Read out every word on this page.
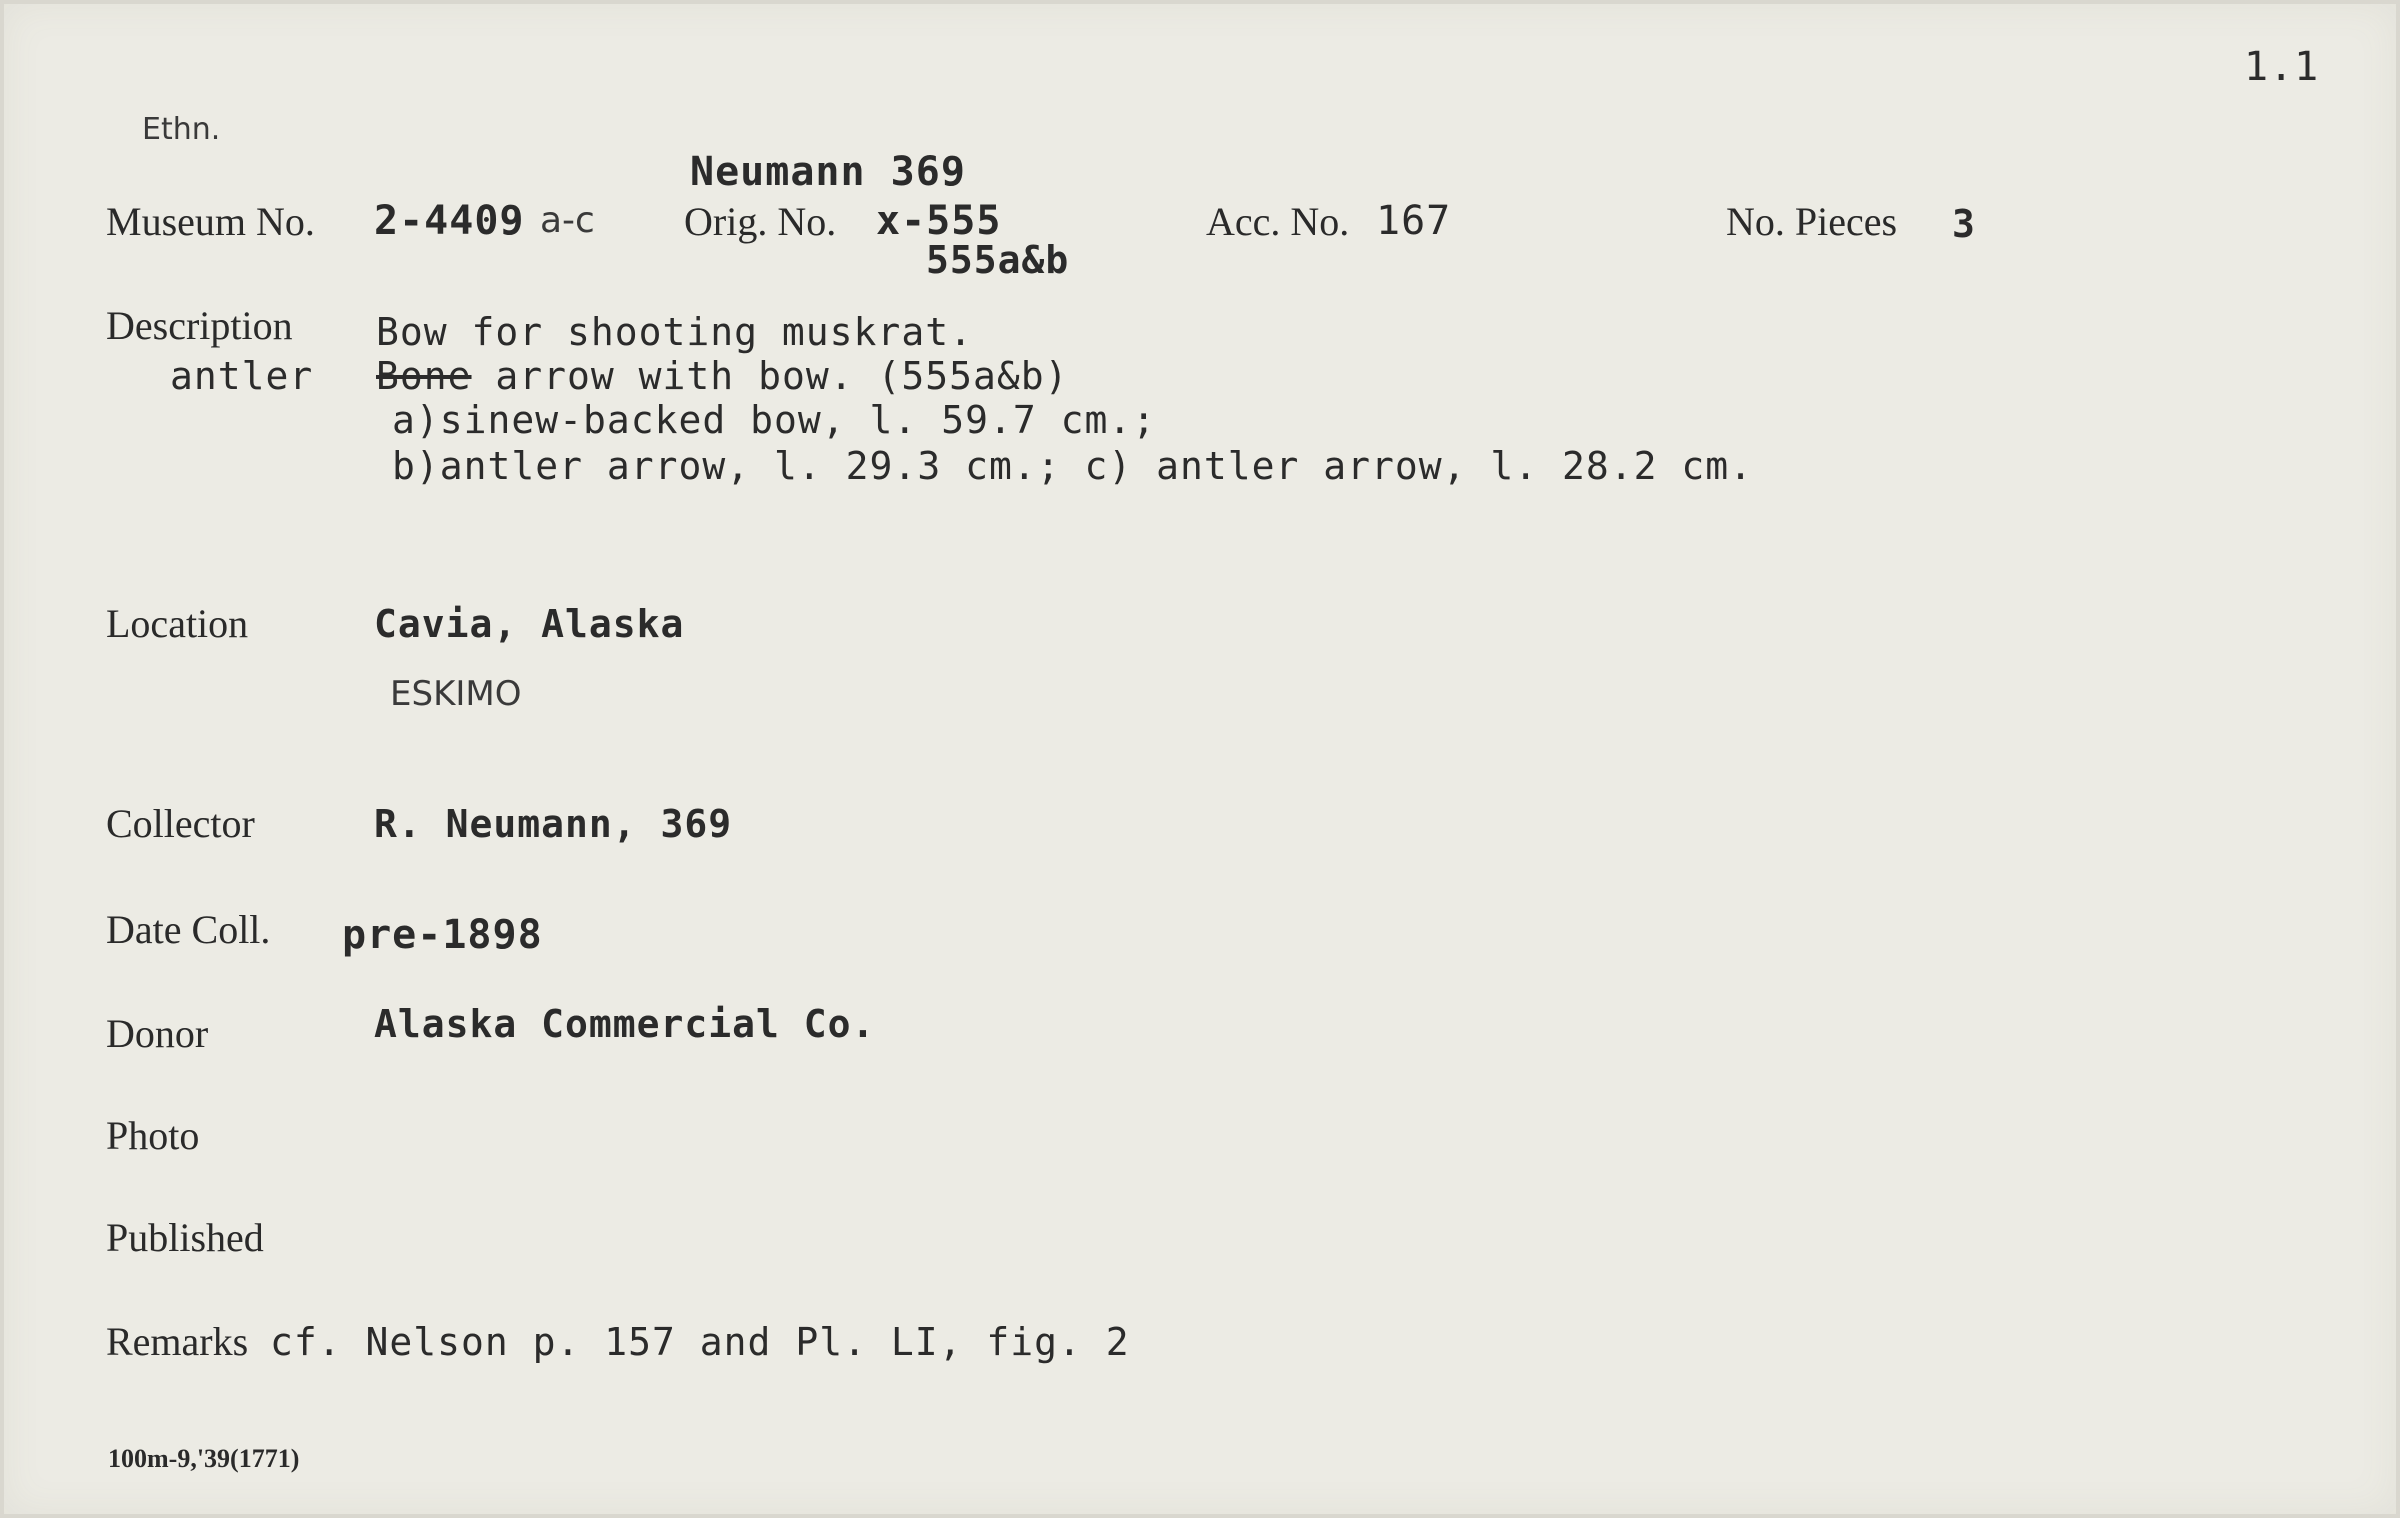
1.1
Ethn.
Neumann 369
Museum No. 2-4409 a-c Orig. No. x-555
555a&b
Acc. No. 167	No. Pieces 3
Description
antler
Bow for shooting muskrat.
Bone arrow with bow. (555a&b)
a)sinew-backed bow, l. 59.7 cm.;
b)antler arrow, l. 29.3 cm.; c) antler arrow, l. 28.2 cm.
Location	Cavia, Alaska
ESKIMO
Collector	R. Neumann, 369
Date Coll. pre-1898
Donor	Alaska Commercial Co.
Photo
Published
Remarks cf. Nelson p. 157 and Pl. LI, fig. 2
100m-9,'39(1771)
